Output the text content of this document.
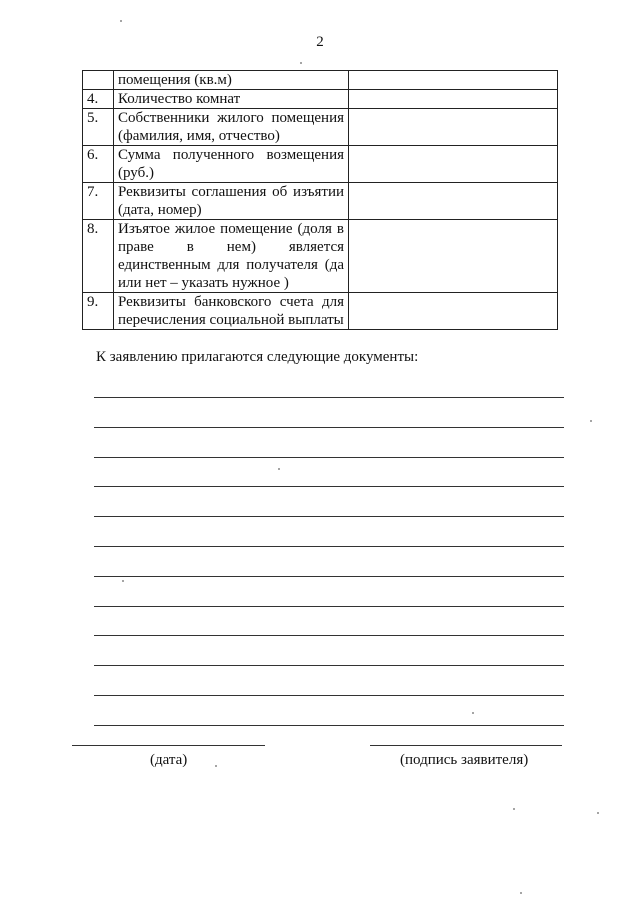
2
	помещения (кв.м)	
4.	Количество комнат	
5.	Собственники жилого помещения (фамилия, имя, отчество)	
6.	Сумма полученного возмещения (руб.)	
7.	Реквизиты соглашения об изъятии (дата, номер)	
8.	Изъятое жилое помещение (доля в праве в нем) является единственным для получателя (да или нет – указать нужное )	
9.	Реквизиты банковского счета для перечисления социальной выплаты	
К заявлению прилагаются следующие документы:
(дата)	(подпись заявителя)
